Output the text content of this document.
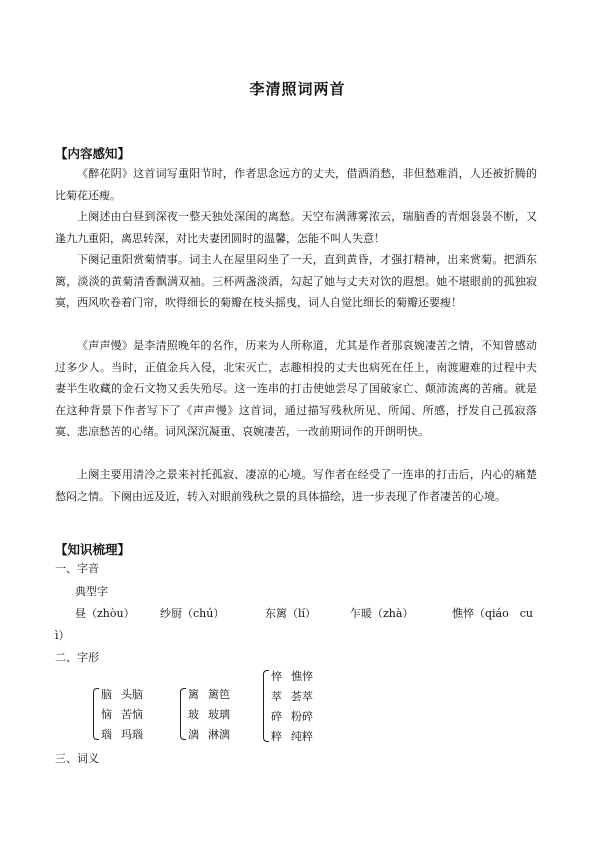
李清照词两首
【内容感知】

《醉花阴》这首词写重阳节时，作者思念远方的丈夫，借酒消愁，非但愁难消，人还被折腾的比菊花还瘦。

上阕述由白昼到深夜一整天独处深闺的离愁。天空布满薄雾浓云，瑞脑香的青烟袅袅不断，又逢九九重阳，离思转深，对比夫妻团圆时的温馨，怎能不叫人失意！

下阕记重阳赏菊情事。词主人在屋里闷坐了一天，直到黄昏，才强打精神，出来赏菊。把酒东篱，淡淡的黄菊清香飘满双袖。三杯两盏淡酒，勾起了她与丈夫对饮的遐想。她不堪眼前的孤独寂寞，西风吹卷着门帘，吹得细长的菊瓣在枝头摇曳，词人自觉比细长的菊瓣还要瘦！

《声声慢》是李清照晚年的名作，历来为人所称道，尤其是作者那哀婉凄苦之情，不知曾感动过多少人。当时，正值金兵入侵，北宋灭亡，志趣相投的丈夫也病死在任上，南渡避难的过程中夫妻半生收藏的金石文物又丢失殆尽。这一连串的打击使她尝尽了国破家亡、颠沛流离的苦痛。就是在这种背景下作者写下了《声声慢》这首词，通过描写残秋所见、所闻、所感，抒发自己孤寂落寞、悲凉愁苦的心绪。词风深沉凝重、哀婉凄苦，一改前期词作的开朗明快。

上阕主要用清冷之景来衬托孤寂、凄凉的心境。写作者在经受了一连串的打击后，内心的痛楚愁闷之情。下阕由远及近，转入对眼前残秋之景的具体描绘，进一步表现了作者凄苦的心境。

【知识梳理】
一、字音
典型字
昼（zhòu） 纱厨（chú）	东篱（lí）	乍暖（zhà）	憔悴（qiáo　cu
ì）
二、字形
脑 头脑
恼 苦恼
瑙 玛瑙
篱 篱笆
玻 玻璃
漓 淋漓
悴 憔悴
萃 荟萃
碎 粉碎
粹 纯粹
三、词义
